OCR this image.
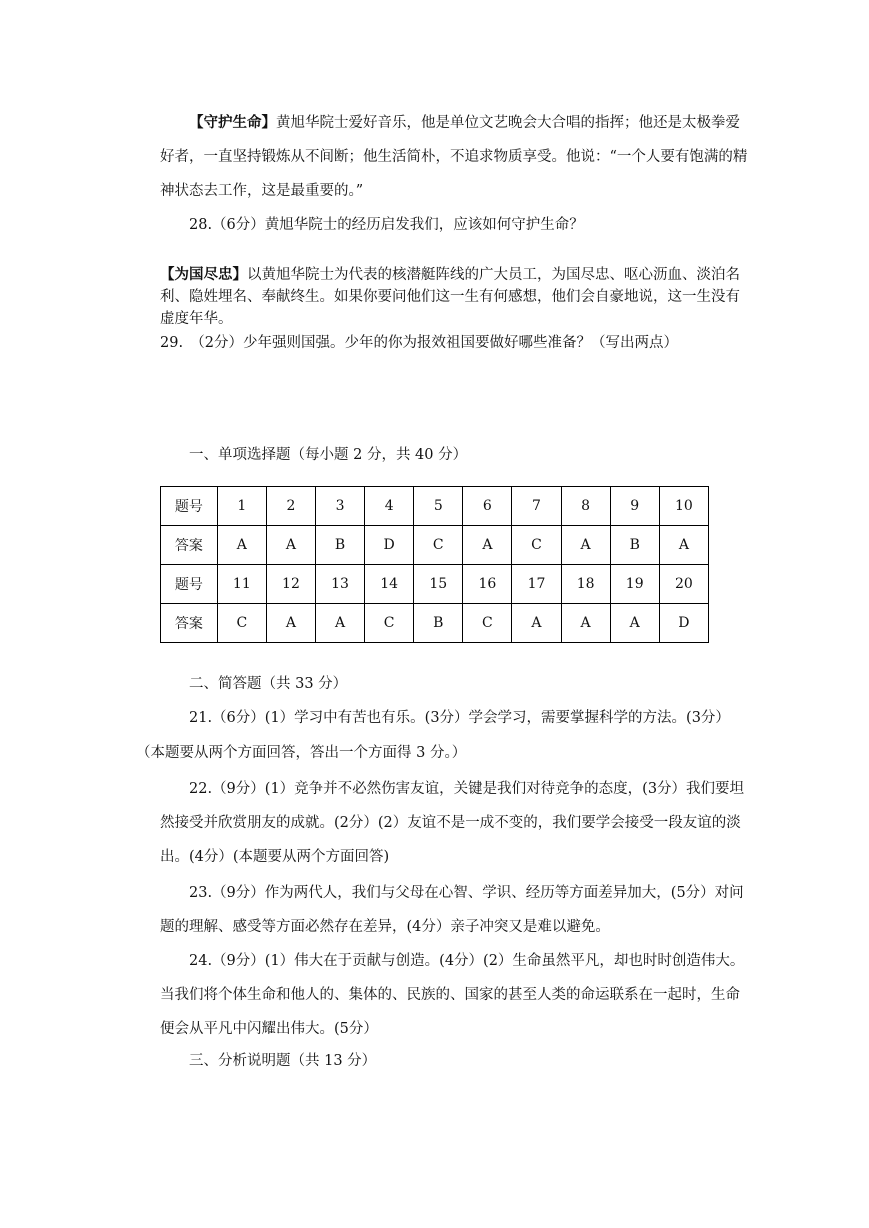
【守护生命】黄旭华院士爱好音乐，他是单位文艺晚会大合唱的指挥；他还是太极拳爱好者，一直坚持锻炼从不间断；他生活简朴，不追求物质享受。他说：“一个人要有饱满的精神状态去工作，这是最重要的。”

28.（6分）黄旭华院士的经历启发我们，应该如何守护生命？

【为国尽忠】以黄旭华院士为代表的核潜艇阵线的广大员工，为国尽忠、呕心沥血、淡泊名利、隐姓埋名、奉献终生。如果你要问他们这一生有何感想，他们会自豪地说，这一生没有虚度年华。

29.　（2分）少年强则国强。少年的你为报效祖国要做好哪些准备？（写出两点）

一、单项选择题（每小题 2 分，共 40 分）

题号	1	2	3	4	5	6	7	8	9	10
答案	A	A	B	D	C	A	C	A	B	A
题号	11	12	13	14	15	16	17	18	19	20
答案	C	A	A	C	B	C	A	A	A	D

二、简答题（共 33 分）

21.（6分）(1）学习中有苦也有乐。(3分）学会学习，需要掌握科学的方法。(3分）

（本题要从两个方面回答，答出一个方面得 3 分。）

22.（9分）(1）竞争并不必然伤害友谊，关键是我们对待竞争的态度，(3分）我们要坦然接受并欣赏朋友的成就。(2分）(2）友谊不是一成不变的，我们要学会接受一段友谊的淡出。(4分）(本题要从两个方面回答)

23.（9分）作为两代人，我们与父母在心智、学识、经历等方面差异加大，(5分）对问题的理解、感受等方面必然存在差异，(4分）亲子冲突又是难以避免。

24.（9分）(1）伟大在于贡献与创造。(4分）(2）生命虽然平凡，却也时时创造伟大。当我们将个体生命和他人的、集体的、民族的、国家的甚至人类的命运联系在一起时，生命便会从平凡中闪耀出伟大。(5分）

三、分析说明题（共 13 分）
